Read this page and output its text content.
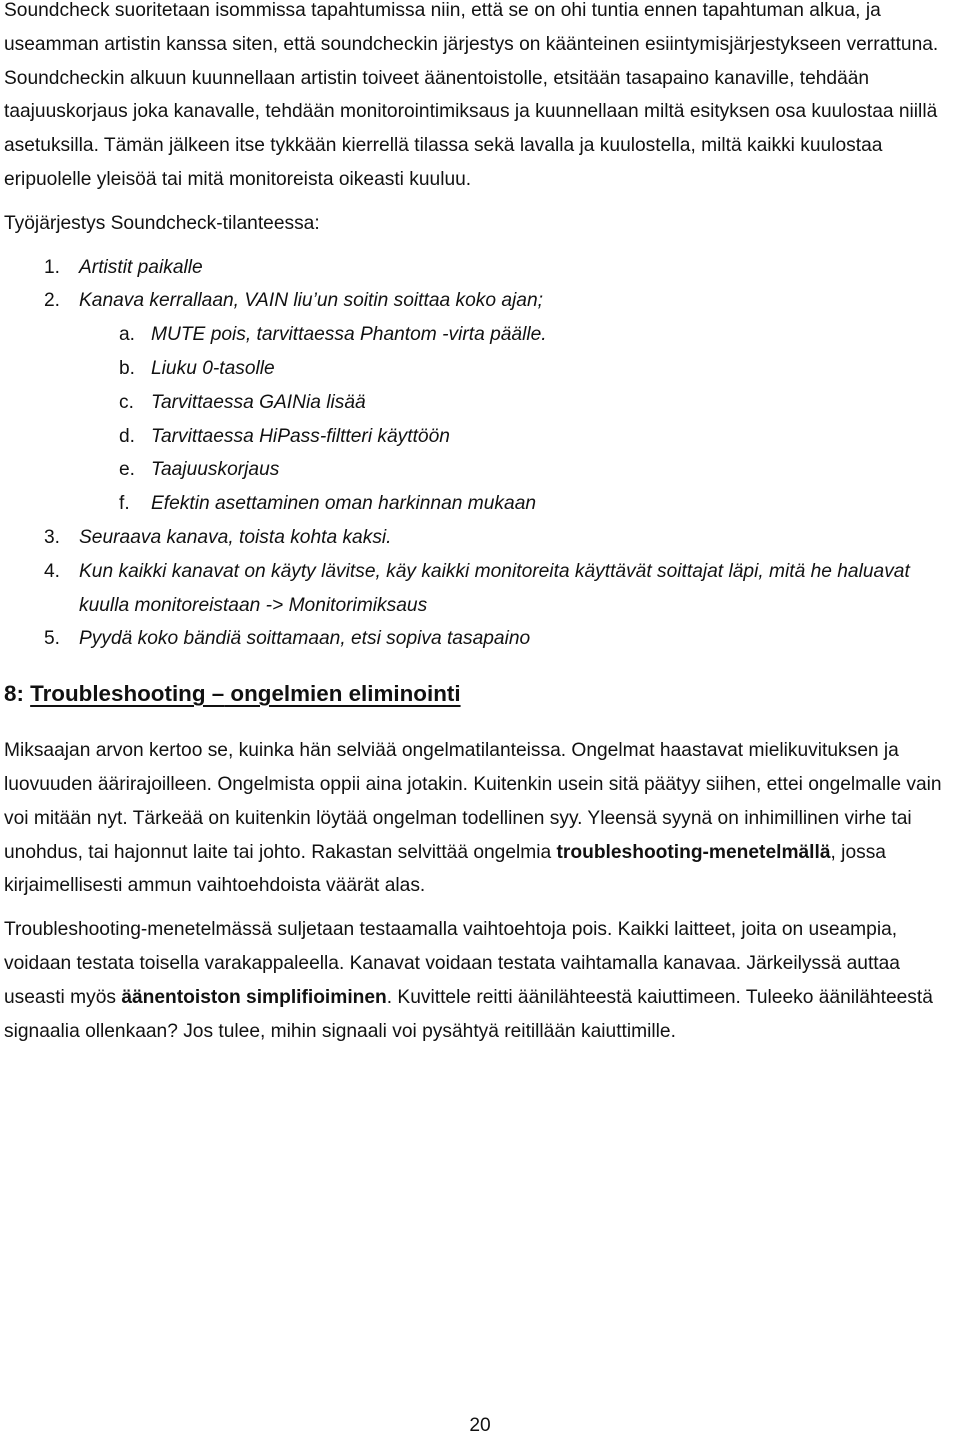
Soundcheck suoritetaan isommissa tapahtumissa niin, että se on ohi tuntia ennen tapahtuman alkua, ja useamman artistin kanssa siten, että soundcheckin järjestys on käänteinen esiintymisjärjestykseen verrattuna. Soundcheckin alkuun kuunnellaan artistin toiveet äänentoistolle, etsitään tasapaino kanaville, tehdään taajuuskorjaus joka kanavalle, tehdään monitorointimiksaus ja kuunnellaan miltä esityksen osa kuulostaa niillä asetuksilla. Tämän jälkeen itse tykkään kierrellä tilassa sekä lavalla ja kuulostella, miltä kaikki kuulostaa eripuolelle yleisöä tai mitä monitoreista oikeasti kuuluu.

Työjärjestys Soundcheck-tilanteessa:

1. Artistit paikalle
2. Kanava kerrallaan, VAIN liu’un soitin soittaa koko ajan;
a. MUTE pois, tarvittaessa Phantom -virta päälle.
b. Liuku 0-tasolle
c. Tarvittaessa GAINia lisää
d. Tarvittaessa HiPass-filtteri käyttöön
e. Taajuuskorjaus
f. Efektin asettaminen oman harkinnan mukaan
3. Seuraava kanava, toista kohta kaksi.
4. Kun kaikki kanavat on käyty lävitse, käy kaikki monitoreita käyttävät soittajat läpi, mitä he haluavat kuulla monitoreistaan -> Monitorimiksaus
5. Pyydä koko bändiä soittamaan, etsi sopiva tasapaino
8: Troubleshooting – ongelmien eliminointi

Miksaajan arvon kertoo se, kuinka hän selviää ongelmatilanteissa. Ongelmat haastavat mielikuvituksen ja luovuuden äärirajoilleen. Ongelmista oppii aina jotakin. Kuitenkin usein sitä päätyy siihen, ettei ongelmalle vain voi mitään nyt. Tärkeää on kuitenkin löytää ongelman todellinen syy. Yleensä syynä on inhimillinen virhe tai unohdus, tai hajonnut laite tai johto. Rakastan selvittää ongelmia troubleshooting-menetelmällä, jossa kirjaimellisesti ammun vaihtoehdoista väärät alas.

Troubleshooting-menetelmässä suljetaan testaamalla vaihtoehtoja pois. Kaikki laitteet, joita on useampia, voidaan testata toisella varakappaleella. Kanavat voidaan testata vaihtamalla kanavaa. Järkeilyssä auttaa useasti myös äänentoiston simplifioiminen. Kuvittele reitti äänilähteestä kaiuttimeen. Tuleeko äänilähteestä signaalia ollenkaan? Jos tulee, mihin signaali voi pysähtyä reitillään kaiuttimille.

20
